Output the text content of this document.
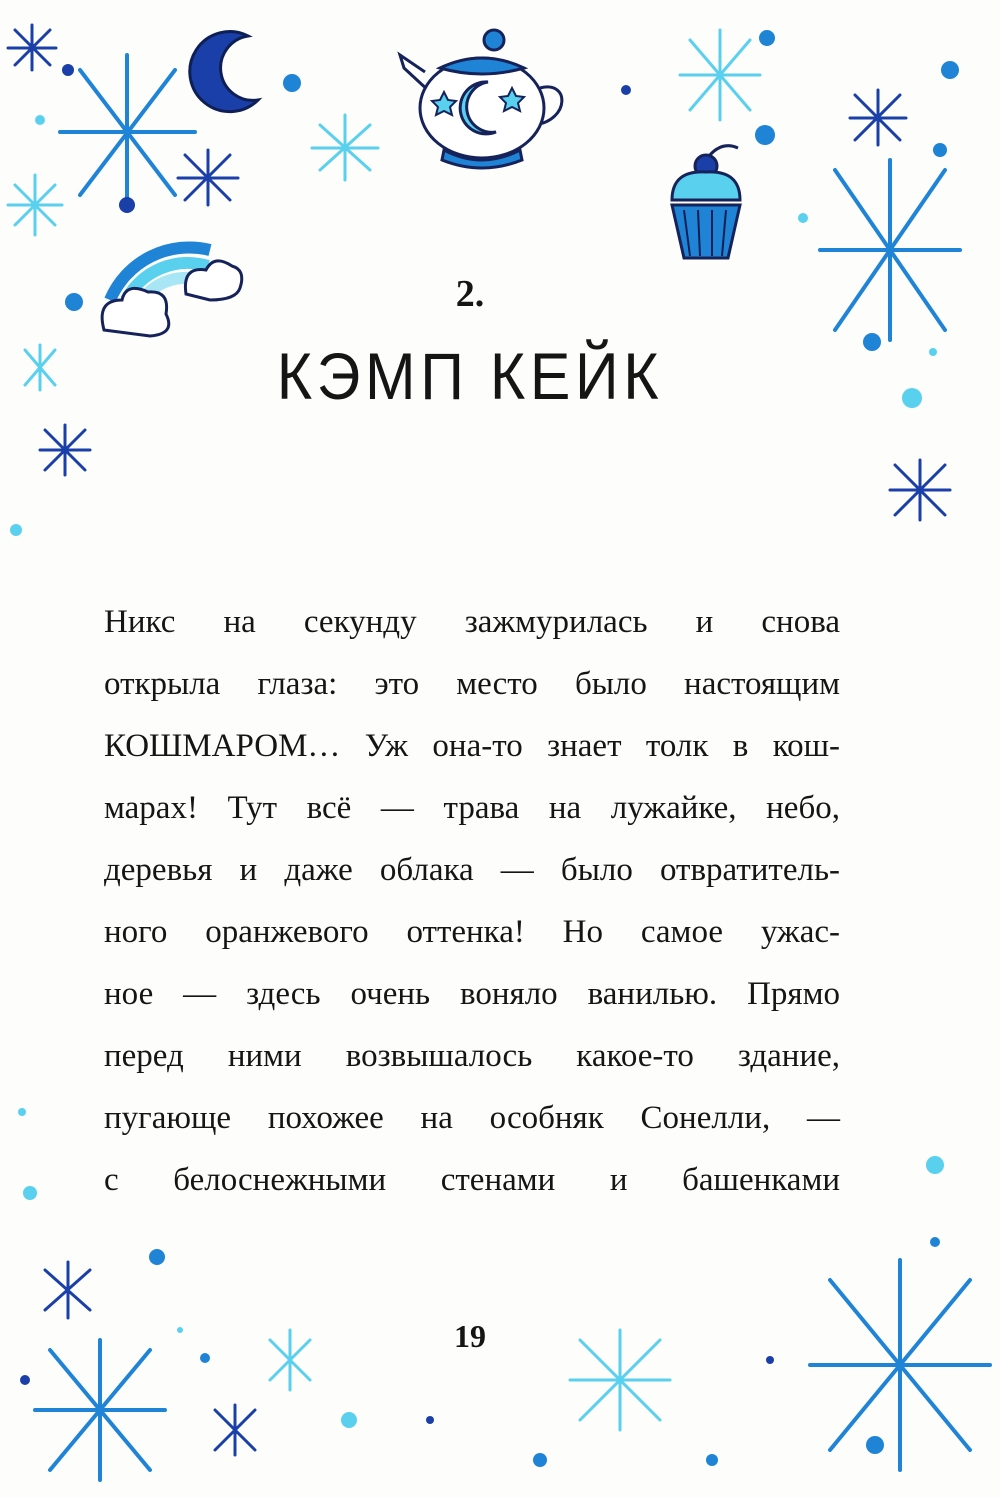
2.
КЭМП КЕЙК
Никс на секунду зажмурилась и снова
открыла глаза: это место было настоящим
КОШМАРОМ… Уж она-то знает толк в кош-
марах! Тут всё — трава на лужайке, небо,
деревья и даже облака — было отвратитель-
ного оранжевого оттенка! Но самое ужас-
ное — здесь очень воняло ванилью. Прямо
перед ними возвышалось какое-то здание,
пугающе похожее на особняк Сонелли, —
с белоснежными стенами и башенками
19
